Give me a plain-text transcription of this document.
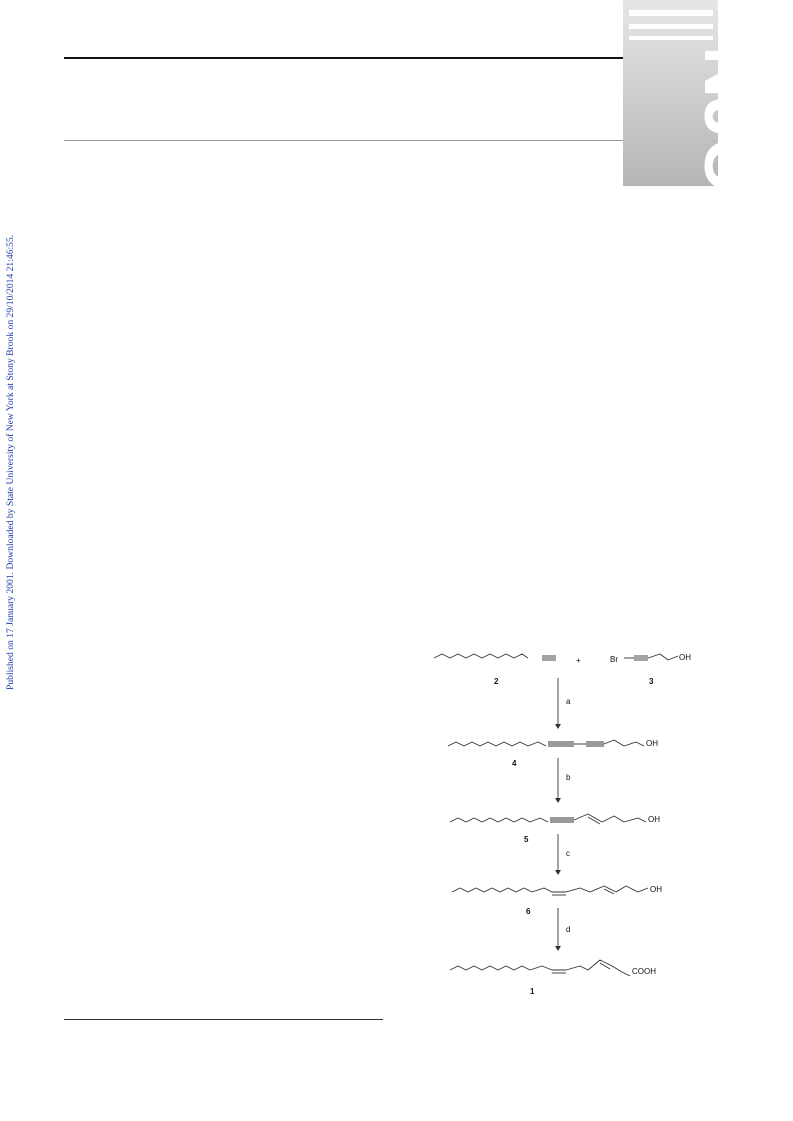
Published on 17 January 2001. Downloaded by State University of New York at Stony Brook on 29/10/2014 21:46:55.
NJC
+	Br	OH
OH
OH
OH
COOH
2	3
4
5
6
1
a
b
c
d
